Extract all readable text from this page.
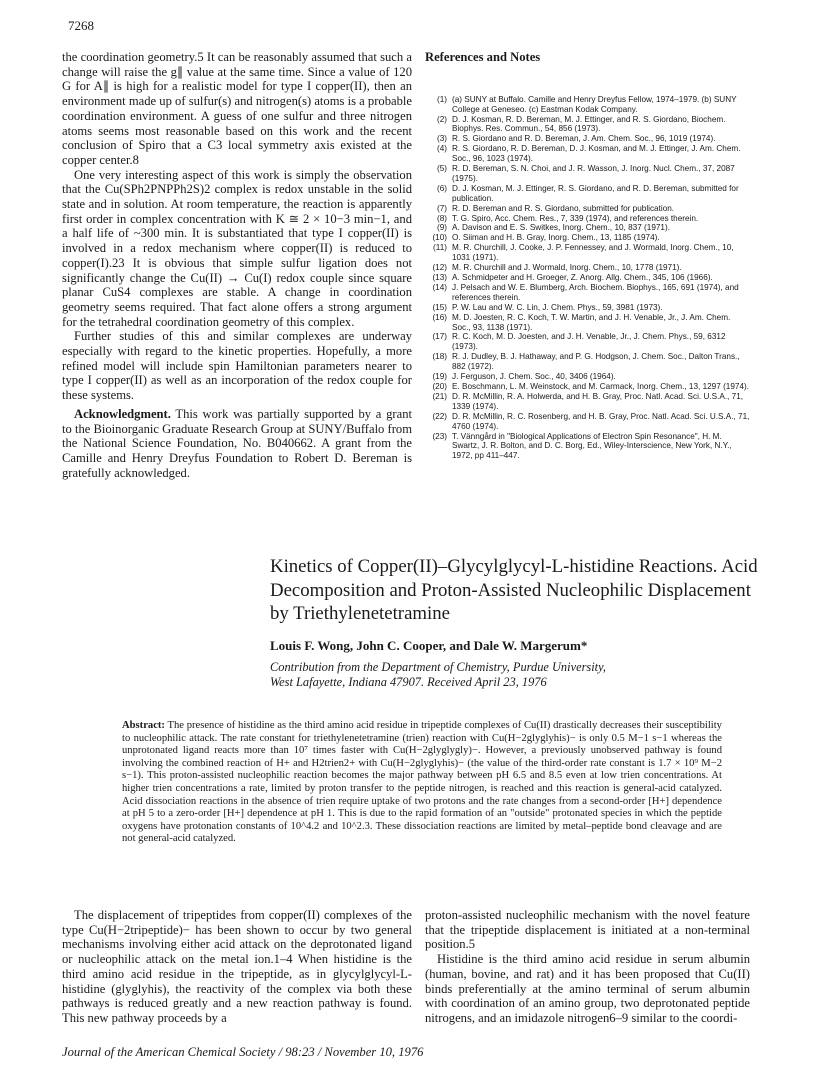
7268

the coordination geometry.5 It can be reasonably assumed that such a change will raise the g∥ value at the same time. Since a value of 120 G for A∥ is high for a realistic model for type I copper(II), then an environment made up of sulfur(s) and nitrogen(s) atoms is a probable coordination environment. A guess of one sulfur and three nitrogen atoms seems most reasonable based on this work and the recent conclusion of Spiro that a C3 local symmetry axis existed at the copper center.8

One very interesting aspect of this work is simply the observation that the Cu(SPh2PNPPh2S)2 complex is redox unstable in the solid state and in solution. At room temperature, the reaction is apparently first order in complex concentration with K ≅ 2 × 10−3 min−1, and a half life of ~300 min. It is substantiated that type I copper(II) is involved in a redox mechanism where copper(II) is reduced to copper(I).23 It is obvious that simple sulfur ligation does not significantly change the Cu(II) → Cu(I) redox couple since square planar CuS4 complexes are stable. A change in coordination geometry seems required. That fact alone offers a strong argument for the tetrahedral coordination geometry of this complex.

Further studies of this and similar complexes are underway especially with regard to the kinetic properties. Hopefully, a more refined model will include spin Hamiltonian parameters nearer to type I copper(II) as well as an incorporation of the redox couple for these systems.

Acknowledgment. This work was partially supported by a grant to the Bioinorganic Graduate Research Group at SUNY/Buffalo from the National Science Foundation, No. B040662. A grant from the Camille and Henry Dreyfus Foundation to Robert D. Bereman is gratefully acknowledged.

References and Notes
(1) (a) SUNY at Buffalo. Camille and Henry Dreyfus Fellow, 1974–1979. (b) SUNY College at Geneseo. (c) Eastman Kodak Company.
(2) D. J. Kosman, R. D. Bereman, M. J. Ettinger, and R. S. Giordano, Biochem. Biophys. Res. Commun., 54, 856 (1973).
(3) R. S. Giordano and R. D. Bereman, J. Am. Chem. Soc., 96, 1019 (1974).
(4) R. S. Giordano, R. D. Bereman, D. J. Kosman, and M. J. Ettinger, J. Am. Chem. Soc., 96, 1023 (1974).
(5) R. D. Bereman, S. N. Choi, and J. R. Wasson, J. Inorg. Nucl. Chem., 37, 2087 (1975).
(6) D. J. Kosman, M. J. Ettinger, R. S. Giordano, and R. D. Bereman, submitted for publication.
(7) R. D. Bereman and R. S. Giordano, submitted for publication.
(8) T. G. Spiro, Acc. Chem. Res., 7, 339 (1974), and references therein.
(9) A. Davison and E. S. Switkes, Inorg. Chem., 10, 837 (1971).
(10) O. Siiman and H. B. Gray, Inorg. Chem., 13, 1185 (1974).
(11) M. R. Churchill, J. Cooke, J. P. Fennessey, and J. Wormald, Inorg. Chem., 10, 1031 (1971).
(12) M. R. Churchill and J. Wormald, Inorg. Chem., 10, 1778 (1971).
(13) A. Schmidpeter and H. Groeger, Z. Anorg. Allg. Chem., 345, 106 (1966).
(14) J. Pelsach and W. E. Blumberg, Arch. Biochem. Biophys., 165, 691 (1974), and references therein.
(15) P. W. Lau and W. C. Lin, J. Chem. Phys., 59, 3981 (1973).
(16) M. D. Joesten, R. C. Koch, T. W. Martin, and J. H. Venable, Jr., J. Am. Chem. Soc., 93, 1138 (1971).
(17) R. C. Koch, M. D. Joesten, and J. H. Venable, Jr., J. Chem. Phys., 59, 6312 (1973).
(18) R. J. Dudley, B. J. Hathaway, and P. G. Hodgson, J. Chem. Soc., Dalton Trans., 882 (1972).
(19) J. Ferguson, J. Chem. Soc., 40, 3406 (1964).
(20) E. Boschmann, L. M. Weinstock, and M. Carmack, Inorg. Chem., 13, 1297 (1974).
(21) D. R. McMillin, R. A. Holwerda, and H. B. Gray, Proc. Natl. Acad. Sci. U.S.A., 71, 1339 (1974).
(22) D. R. McMillin, R. C. Rosenberg, and H. B. Gray, Proc. Natl. Acad. Sci. U.S.A., 71, 4760 (1974).
(23) T. Vänngård in "Biological Applications of Electron Spin Resonance", H. M. Swartz, J. R. Bolton, and D. C. Borg, Ed., Wiley-Interscience, New York, N.Y., 1972, pp 411–447.
Kinetics of Copper(II)–Glycylglycyl-L-histidine Reactions. Acid Decomposition and Proton-Assisted Nucleophilic Displacement by Triethylenetetramine
Louis F. Wong, John C. Cooper, and Dale W. Margerum*
Contribution from the Department of Chemistry, Purdue University,
West Lafayette, Indiana 47907. Received April 23, 1976
Abstract: The presence of histidine as the third amino acid residue in tripeptide complexes of Cu(II) drastically decreases their susceptibility to nucleophilic attack. The rate constant for triethylenetetramine (trien) reaction with Cu(H−2glyglyhis)− is only 0.5 M−1 s−1 whereas the unprotonated ligand reacts more than 10⁷ times faster with Cu(H−2glyglygly)−. However, a previously unobserved pathway is found involving the combined reaction of H+ and H2trien2+ with Cu(H−2glyglyhis)− (the value of the third-order rate constant is 1.7 × 10⁹ M−2 s−1). This proton-assisted nucleophilic reaction becomes the major pathway between pH 6.5 and 8.5 even at low trien concentrations. At higher trien concentrations a rate, limited by proton transfer to the peptide nitrogen, is reached and this reaction is general-acid catalyzed. Acid dissociation reactions in the absence of trien require uptake of two protons and the rate changes from a second-order [H+] dependence at pH 5 to a zero-order [H+] dependence at pH 1. This is due to the rapid formation of an "outside" protonated species in which the peptide oxygens have protonation constants of 10^4.2 and 10^2.3. These dissociation reactions are limited by metal–peptide bond cleavage and are not general-acid catalyzed.

The displacement of tripeptides from copper(II) complexes of the type Cu(H−2tripeptide)− has been shown to occur by two general mechanisms involving either acid attack on the deprotonated ligand or nucleophilic attack on the metal ion.1–4 When histidine is the third amino acid residue in the tripeptide, as in glycylglycyl-L-histidine (glyglyhis), the reactivity of the complex via both these pathways is reduced greatly and a new reaction pathway is found. This new pathway proceeds by a

proton-assisted nucleophilic mechanism with the novel feature that the tripeptide displacement is initiated at a non-terminal position.5

Histidine is the third amino acid residue in serum albumin (human, bovine, and rat) and it has been proposed that Cu(II) binds preferentially at the amino terminal of serum albumin with coordination of an amino group, two deprotonated peptide nitrogens, and an imidazole nitrogen6–9 similar to the coordi-

Journal of the American Chemical Society / 98:23 / November 10, 1976
